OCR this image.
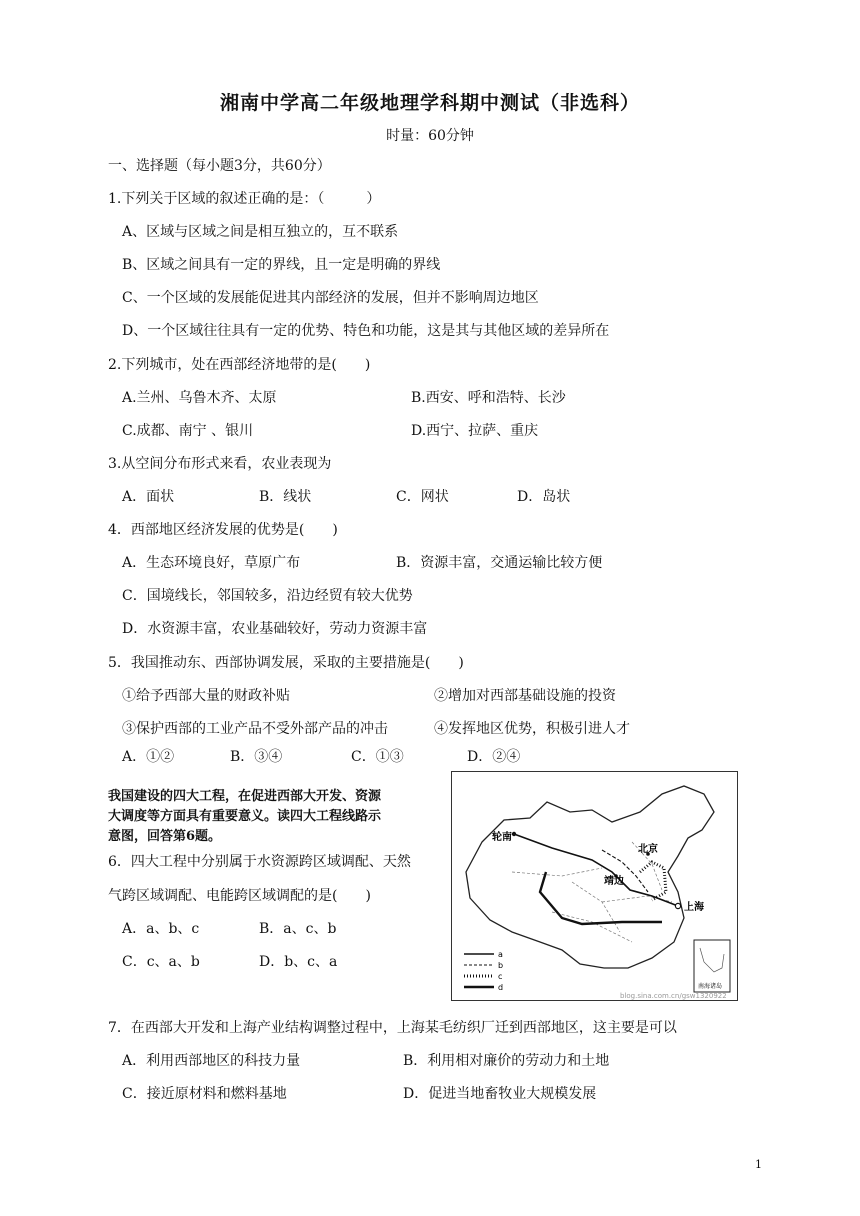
湘南中学高二年级地理学科期中测试（非选科）
时量：60分钟
一、选择题（每小题3分，共60分）
1.下列关于区域的叙述正确的是：（　　　）
A、区域与区域之间是相互独立的，互不联系
B、区域之间具有一定的界线，且一定是明确的界线
C、一个区域的发展能促进其内部经济的发展，但并不影响周边地区
D、一个区域往往具有一定的优势、特色和功能，这是其与其他区域的差异所在
2.下列城市，处在西部经济地带的是(　　)
A.兰州、乌鲁木齐、太原	B.西安、呼和浩特、长沙
C.成都、南宁 、银川	D.西宁、拉萨、重庆
3.从空间分布形式来看，农业表现为
A．面状	B．线状	C．网状	D．岛状
4．西部地区经济发展的优势是(　　)
A．生态环境良好，草原广布	B．资源丰富，交通运输比较方便
C．国境线长，邻国较多，沿边经贸有较大优势
D．水资源丰富，农业基础较好，劳动力资源丰富
5．我国推动东、西部协调发展，采取的主要措施是(　　)
①给予西部大量的财政补贴	②增加对西部基础设施的投资
③保护西部的工业产品不受外部产品的冲击	④发挥地区优势，积极引进人才
A．①②	B．③④	C．①③	D．②④
我国建设的四大工程，在促进西部大开发、资源
大调度等方面具有重要意义。读四大工程线路示
意图，回答第6题。
6．四大工程中分别属于水资源跨区域调配、天然
气跨区域调配、电能跨区域调配的是(　　)
A．a、b、c	B．a、c、b
C．c、a、b	D．b、c、a
轮南
北京
靖边
上海
a
b
c
d	南海诸岛
blog.sina.com.cn/gsw1320922
7．在西部大开发和上海产业结构调整过程中，上海某毛纺织厂迁到西部地区，这主要是可以
A．利用西部地区的科技力量	B．利用相对廉价的劳动力和土地
C．接近原材料和燃料基地	D．促进当地畜牧业大规模发展
1
